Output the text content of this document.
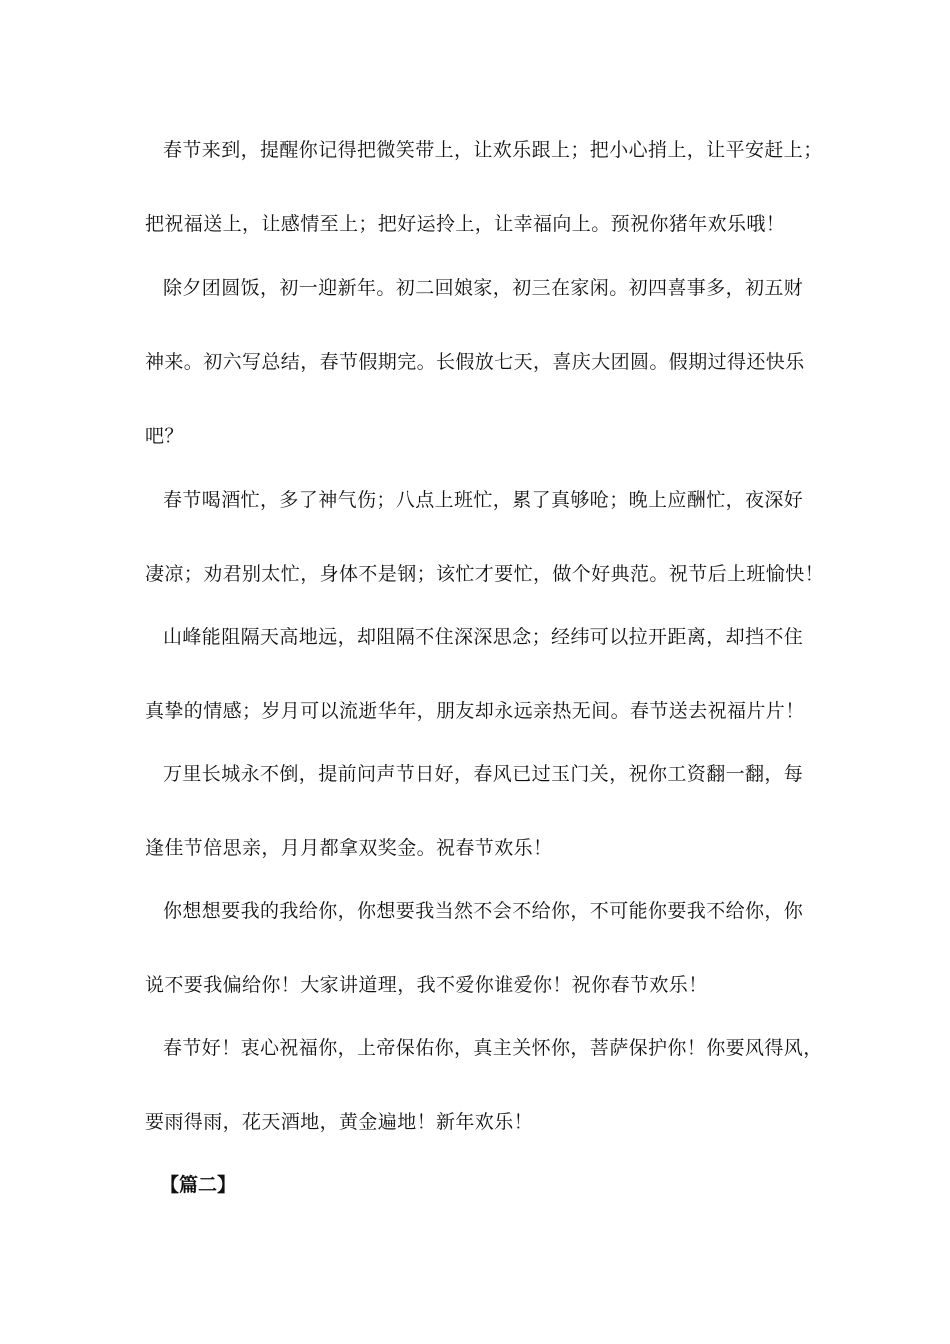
春节来到，提醒你记得把微笑带上，让欢乐跟上；把小心捎上，让平安赶上；
把祝福送上，让感情至上；把好运拎上，让幸福向上。预祝你猪年欢乐哦！
除夕团圆饭，初一迎新年。初二回娘家，初三在家闲。初四喜事多，初五财
神来。初六写总结，春节假期完。长假放七天，喜庆大团圆。假期过得还快乐
吧？
春节喝酒忙，多了神气伤；八点上班忙，累了真够呛；晚上应酬忙，夜深好
凄凉；劝君别太忙，身体不是钢；该忙才要忙，做个好典范。祝节后上班愉快！
山峰能阻隔天高地远，却阻隔不住深深思念；经纬可以拉开距离，却挡不住
真挚的情感；岁月可以流逝华年，朋友却永远亲热无间。春节送去祝福片片！
万里长城永不倒，提前问声节日好，春风已过玉门关，祝你工资翻一翻，每
逢佳节倍思亲，月月都拿双奖金。祝春节欢乐！
你想想要我的我给你，你想要我当然不会不给你，不可能你要我不给你，你
说不要我偏给你！大家讲道理，我不爱你谁爱你！祝你春节欢乐！
春节好！衷心祝福你，上帝保佑你，真主关怀你，菩萨保护你！你要风得风，
要雨得雨，花天酒地，黄金遍地！新年欢乐！
【篇二】
